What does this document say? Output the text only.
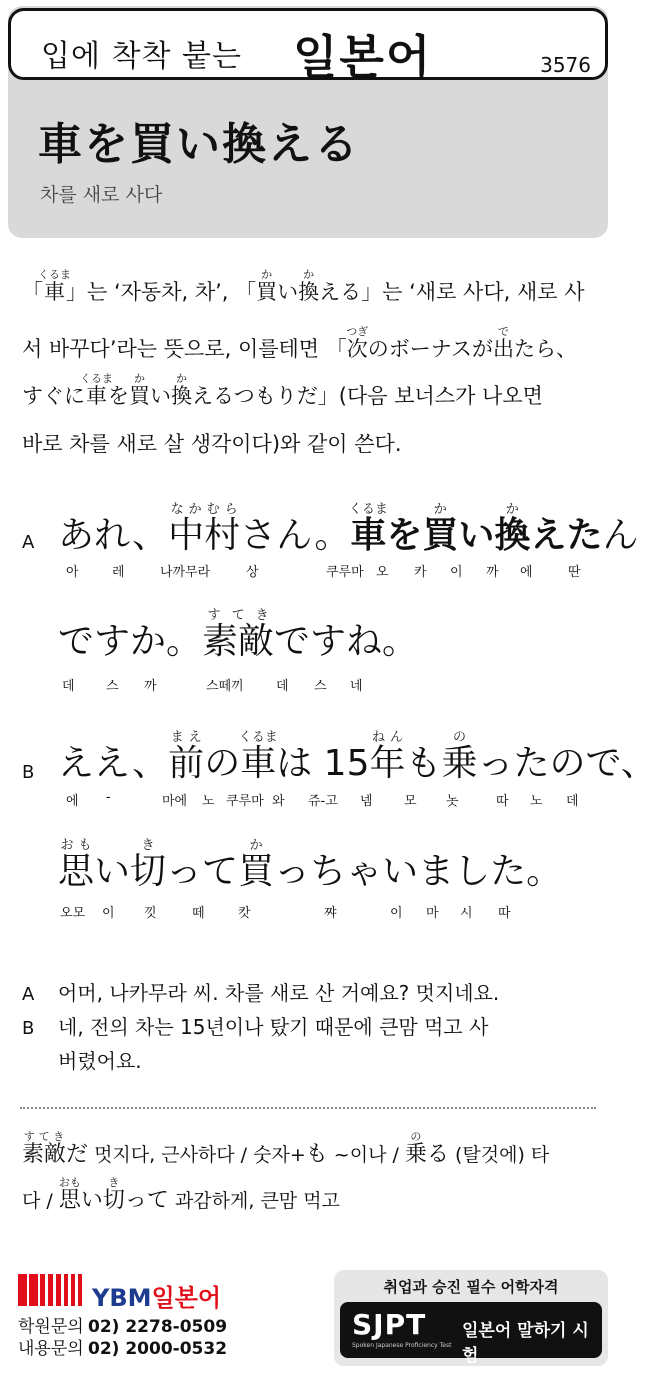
입에 착착 붙는 일본어	3576
車を買い換える
차를 새로 사다
「車くるま」는 ‘자동차, 차’, 「買かい換かえる」는 ‘새로 사다, 새로 사
서 바꾸다’라는 뜻으로, 이를테면 「次つぎのボーナスが出でたら、
すぐに車くるまを買かい換かえるつもりだ」(다음 보너스가 나오면
바로 차를 새로 살 생각이다)와 같이 쓴다.
A あれ、中村なかむらさん。車くるまを買かい換かえたん
아	레	나까무라	상	쿠루마 오 카 이 까 에	딴
ですか。素敵すてきですね。
데 스 까	스떼끼 데 스 네
B ええ、前まえの車くるまは 15年ねんも乗のったので、
에 -	마에 노 쿠루마 와 쥬-고 넴 모 놋	따 노 데
思おもい切きって買かっちゃいました。
오모 이 낏	떼	캇	쨔	이 마 시 따
A 어머, 나카무라 씨. 차를 새로 산 거예요? 멋지네요.
B 네, 전의 차는 15년이나 탔기 때문에 큰맘 먹고 사
버렸어요.
素敵すてきだ 멋지다, 근사하다 / 숫자+も ~이나 / 乗のる (탈것에) 타
다 / 思おもい切きって 과감하게, 큰맘 먹고
YBM일본어
학원문의 02) 2278-0509
내용문의 02) 2000-0532
취업과 승진 필수 어학자격
SJPT
Spoken Japanese Proficiency Test
일본어 말하기 시험
